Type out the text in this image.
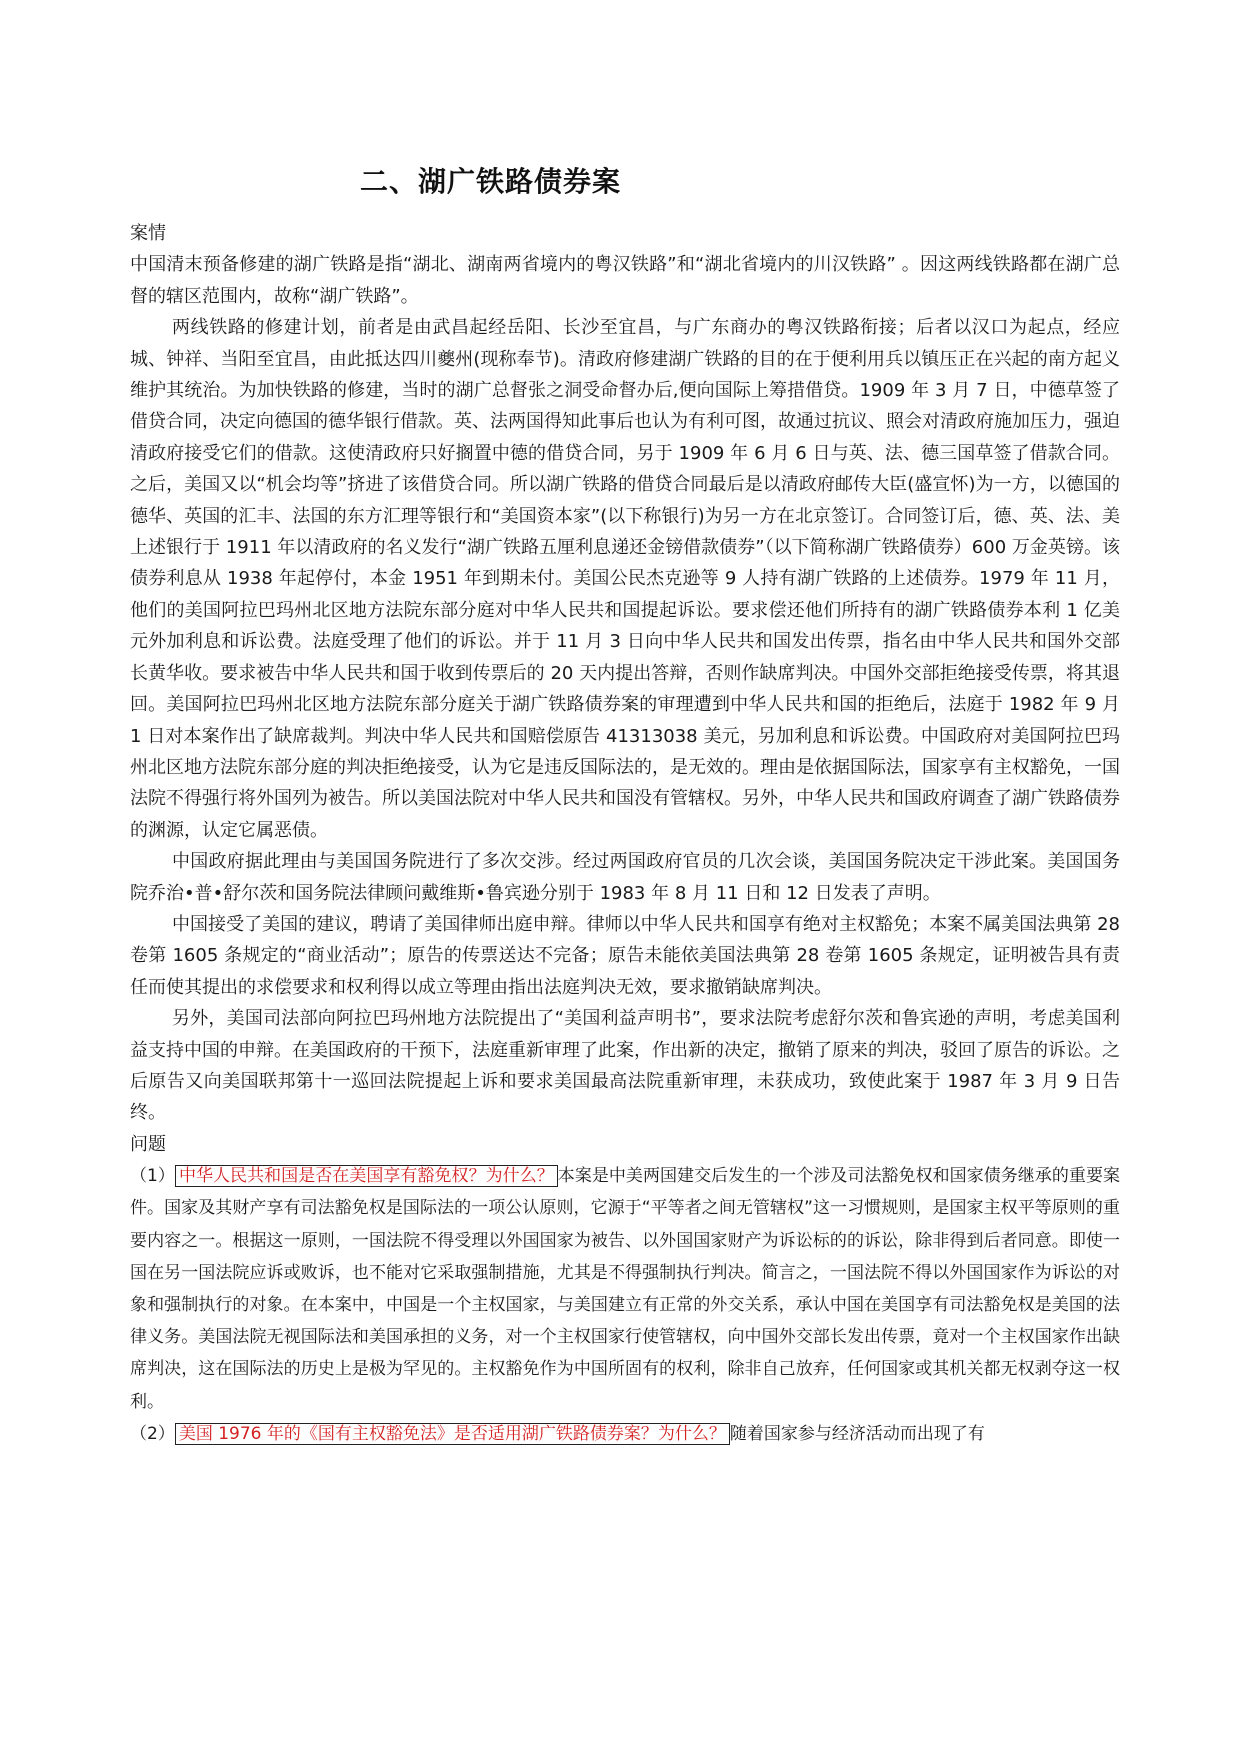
二、湖广铁路债券案

案情

中国清末预备修建的湖广铁路是指“湖北、湖南两省境内的粤汉铁路”和“湖北省境内的川汉铁路” 。因这两线铁路都在湖广总督的辖区范围内，故称“湖广铁路”。

两线铁路的修建计划，前者是由武昌起经岳阳、长沙至宜昌，与广东商办的粤汉铁路衔接；后者以汉口为起点，经应城、钟祥、当阳至宜昌，由此抵达四川夔州(现称奉节)。清政府修建湖广铁路的目的在于便利用兵以镇压正在兴起的南方起义维护其统治。为加快铁路的修建，当时的湖广总督张之洞受命督办后,便向国际上筹措借贷。1909 年 3 月 7 日，中德草签了借贷合同，决定向德国的德华银行借款。英、法两国得知此事后也认为有利可图，故通过抗议、照会对清政府施加压力，强迫清政府接受它们的借款。这使清政府只好搁置中德的借贷合同，另于 1909 年 6 月 6 日与英、法、德三国草签了借款合同。之后，美国又以“机会均等”挤进了该借贷合同。所以湖广铁路的借贷合同最后是以清政府邮传大臣(盛宣怀)为一方，以德国的德华、英国的汇丰、法国的东方汇理等银行和“美国资本家”(以下称银行)为另一方在北京签订。合同签订后，德、英、法、美上述银行于 1911 年以清政府的名义发行“湖广铁路五厘利息递还金镑借款债券”（以下简称湖广铁路债券）600 万金英镑。该债券利息从 1938 年起停付，本金 1951 年到期未付。美国公民杰克逊等 9 人持有湖广铁路的上述债券。1979 年 11 月，他们的美国阿拉巴玛州北区地方法院东部分庭对中华人民共和国提起诉讼。要求偿还他们所持有的湖广铁路债券本利 1 亿美元外加利息和诉讼费。法庭受理了他们的诉讼。并于 11 月 3 日向中华人民共和国发出传票，指名由中华人民共和国外交部长黄华收。要求被告中华人民共和国于收到传票后的 20 天内提出答辩，否则作缺席判决。中国外交部拒绝接受传票，将其退回。美国阿拉巴玛州北区地方法院东部分庭关于湖广铁路债券案的审理遭到中华人民共和国的拒绝后，法庭于 1982 年 9 月 1 日对本案作出了缺席裁判。判决中华人民共和国赔偿原告 41313038 美元，另加利息和诉讼费。中国政府对美国阿拉巴玛州北区地方法院东部分庭的判决拒绝接受，认为它是违反国际法的，是无效的。理由是依据国际法，国家享有主权豁免，一国法院不得强行将外国列为被告。所以美国法院对中华人民共和国没有管辖权。另外，中华人民共和国政府调查了湖广铁路债券的渊源，认定它属恶债。

中国政府据此理由与美国国务院进行了多次交涉。经过两国政府官员的几次会谈，美国国务院决定干涉此案。美国国务院乔治•普•舒尔茨和国务院法律顾问戴维斯•鲁宾逊分别于 1983 年 8 月 11 日和 12 日发表了声明。

中国接受了美国的建议，聘请了美国律师出庭申辩。律师以中华人民共和国享有绝对主权豁免；本案不属美国法典第 28 卷第 1605 条规定的“商业活动”；原告的传票送达不完备；原告未能依美国法典第 28 卷第 1605 条规定，证明被告具有责任而使其提出的求偿要求和权利得以成立等理由指出法庭判决无效，要求撤销缺席判决。

另外，美国司法部向阿拉巴玛州地方法院提出了“美国利益声明书”，要求法院考虑舒尔茨和鲁宾逊的声明，考虑美国利益支持中国的申辩。在美国政府的干预下，法庭重新审理了此案，作出新的决定，撤销了原来的判决，驳回了原告的诉讼。之后原告又向美国联邦第十一巡回法院提起上诉和要求美国最高法院重新审理，未获成功，致使此案于 1987 年 3 月 9 日告终。

问题

（1） 中华人民共和国是否在美国享有豁免权？为什么？ 本案是中美两国建交后发生的一个涉及司法豁免权和国家债务继承的重要案件。国家及其财产享有司法豁免权是国际法的一项公认原则，它源于“平等者之间无管辖权”这一习惯规则，是国家主权平等原则的重要内容之一。根据这一原则，一国法院不得受理以外国国家为被告、以外国国家财产为诉讼标的的诉讼，除非得到后者同意。即使一国在另一国法院应诉或败诉，也不能对它采取强制措施，尤其是不得强制执行判决。简言之，一国法院不得以外国国家作为诉讼的对象和强制执行的对象。在本案中，中国是一个主权国家，与美国建立有正常的外交关系，承认中国在美国享有司法豁免权是美国的法律义务。美国法院无视国际法和美国承担的义务，对一个主权国家行使管辖权，向中国外交部长发出传票，竟对一个主权国家作出缺席判决，这在国际法的历史上是极为罕见的。主权豁免作为中国所固有的权利，除非自己放弃，任何国家或其机关都无权剥夺这一权利。

（2） 美国 1976 年的《国有主权豁免法》是否适用湖广铁路债券案？为什么？ 随着国家参与经济活动而出现了有
